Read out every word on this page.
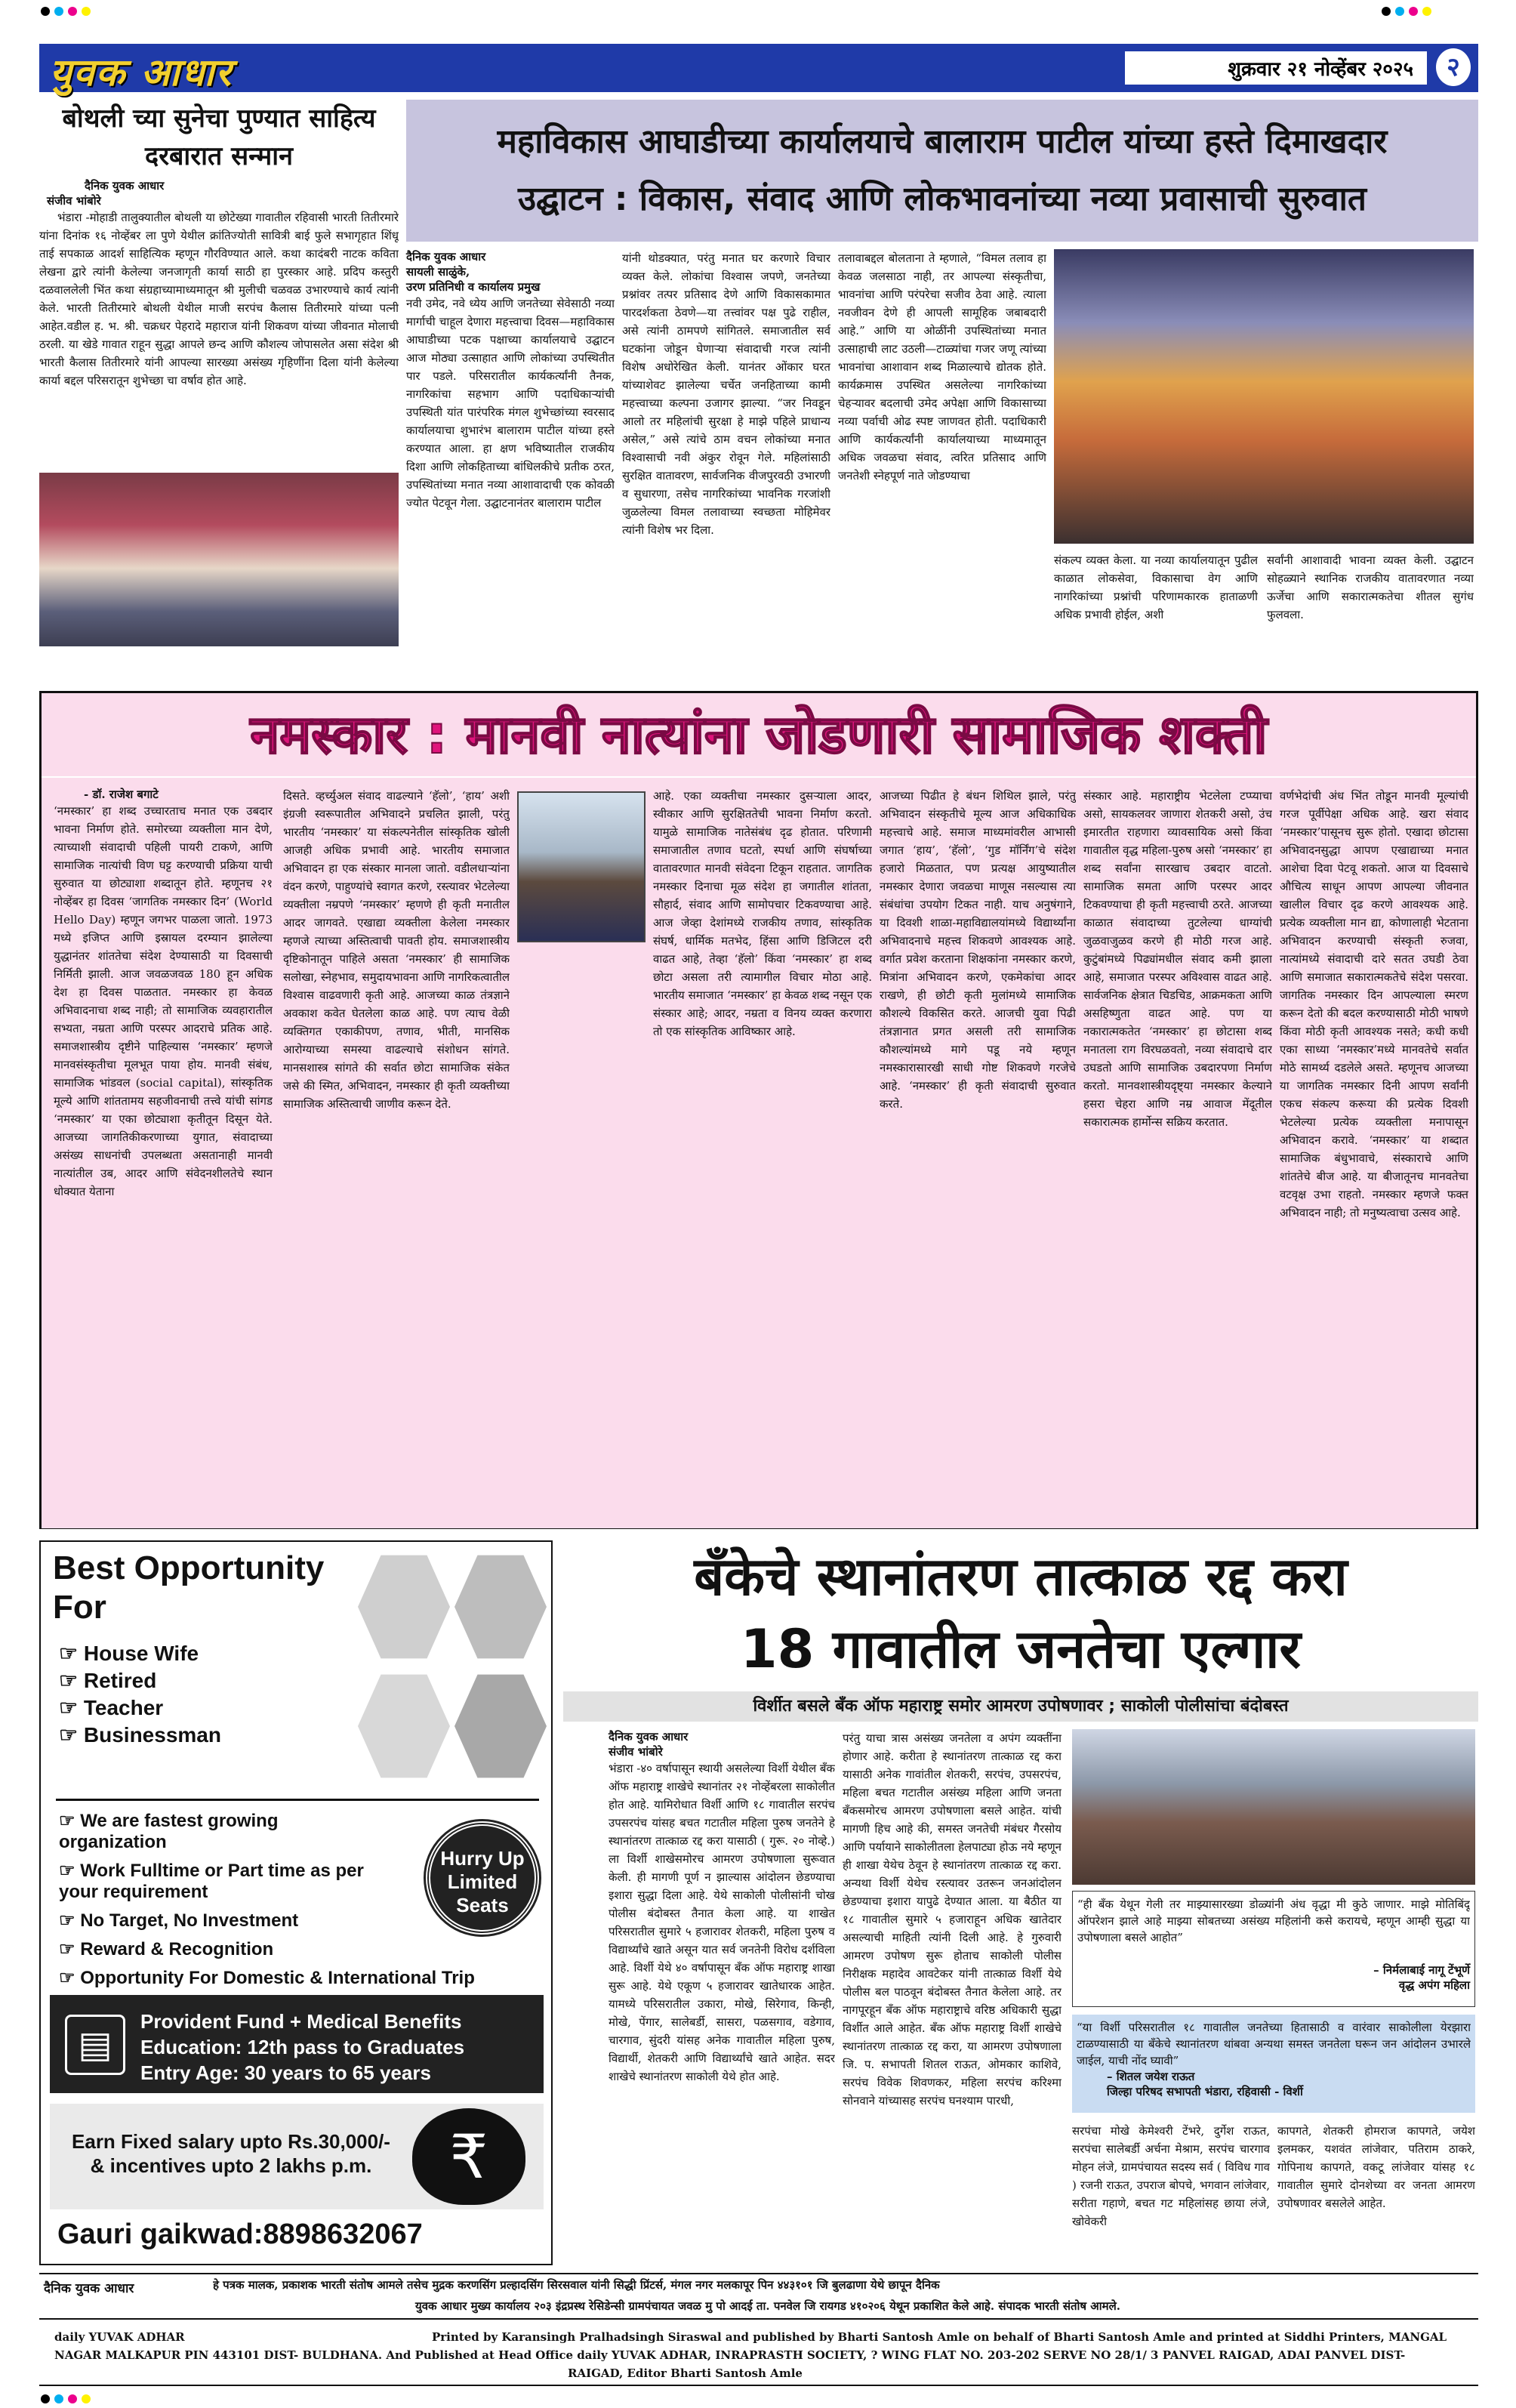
युवक आधार	शुक्रवार २१ नोव्हेंबर २०२५	२
बोथली च्या सुनेचा पुण्यात साहित्य दरबारात सन्मान
दैनिक युवक आधार
संजीव भांबोरे
भंडारा -मोहाडी तालुक्यातील बोथली या छोटेख्या गावातील रहिवासी भारती तितीरमारे यांना दिनांक १६ नोव्हेंबर ला पुणे येथील क्रांतिज्योती सावित्री बाई फुले सभागृहात शिंधू ताई सपकाळ आदर्श साहित्यिक म्हणून गौरविण्यात आले. कथा कादंबरी नाटक कविता लेखना द्वारे त्यांनी केलेल्या जनजागृती कार्या साठी हा पुरस्कार आहे. प्रदिप कस्तुरी दळवाललेली भिंत कथा संग्रहाच्यामाध्यमातून श्री मुलीची चळवळ उभारण्याचे कार्य त्यांनी केले. भारती तितीरमारे बोथली येथील माजी सरपंच कैलास तितीरमारे यांच्या पत्नी आहेत.वडील ह. भ. श्री. चक्रधर पेहरादे महाराज यांनी शिकवण यांच्या जीवनात मोलाची ठरली. या खेडे गावात राहून सुद्धा आपले छन्द आणि कौशल्य जोपासलेत असा संदेश श्री भारती कैलास तितीरमारे यांनी आपल्या सारख्या असंख्य गृहिणींना दिला यांनी केलेल्या कार्या बद्दल परिसरातून शुभेच्छा चा वर्षाव होत आहे.
महाविकास आघाडीच्या कार्यालयाचे बालाराम पाटील यांच्या हस्ते दिमाखदार
उद्घाटन : विकास, संवाद आणि लोकभावनांच्या नव्या प्रवासाची सुरुवात
दैनिक युवक आधार
सायली साळुंके,
उरण प्रतिनिधी व कार्यालय प्रमुख
नवी उमेद, नवे ध्येय आणि जनतेच्या सेवेसाठी नव्या मार्गाची चाहूल देणारा महत्त्वाचा दिवस—महाविकास आघाडीच्या पटक पक्षाच्या कार्यालयाचे उद्घाटन आज मोठ्या उत्साहात आणि लोकांच्या उपस्थितीत पार पडले. परिसरातील कार्यकर्त्यांनी तैनक, नागरिकांचा सहभाग आणि पदाधिकाऱ्यांची उपस्थिती यांत पारंपरिक मंगल शुभेच्छांच्या स्वरसाद कार्यालयाचा शुभारंभ बालाराम पाटील यांच्या हस्ते करण्यात आला. हा क्षण भविष्यातील राजकीय दिशा आणि लोकहिताच्या बांधिलकीचे प्रतीक ठरत, उपस्थितांच्या मनात नव्या आशावादाची एक कोवळी ज्योत पेटवून गेला. उद्घाटनानंतर बालाराम पाटील
यांनी थोडक्यात, परंतु मनात घर करणारे विचार व्यक्त केले. लोकांचा विश्वास जपणे, जनतेच्या प्रश्नांवर तत्पर प्रतिसाद देणे आणि विकासकामात पारदर्शकता ठेवणे—या तत्त्वांवर पक्ष पुढे राहील, असे त्यांनी ठामपणे सांगितले. समाजातील सर्व घटकांना जोडून घेणाऱ्या संवादाची गरज त्यांनी विशेष अधोरेखित केली. यानंतर ओंकार घरत यांच्याशेवट झालेल्या चर्चेत जनहिताच्या कामी महत्त्वाच्या कल्पना उजागर झाल्या. “जर निवडून आलो तर महिलांची सुरक्षा हे माझे पहिले प्राधान्य असेल,” असे त्यांचे ठाम वचन लोकांच्या मनात विश्वासाची नवी अंकुर रोवून गेले. महिलांसाठी सुरक्षित वातावरण, सार्वजनिक वीजपुरवठी उभारणी व सुधारणा, तसेच नागरिकांच्या भावनिक गरजांशी जुळलेल्या विमल तलावाच्या स्वच्छता मोहिमेवर त्यांनी विशेष भर दिला.
तलावाबद्दल बोलताना ते म्हणाले, “विमल तलाव हा केवळ जलसाठा नाही, तर आपल्या संस्कृतीचा, भावनांचा आणि परंपरेचा सजीव ठेवा आहे. त्याला नवजीवन देणे ही आपली सामूहिक जबाबदारी आहे.” आणि या ओळींनी उपस्थितांच्या मनात उत्साहाची लाट उठली—टाळ्यांचा गजर जणू त्यांच्या भावनांचा आशावान शब्द मिळाल्याचे द्योतक होते. कार्यक्रमास उपस्थित असलेल्या नागरिकांच्या चेहऱ्यावर बदलाची उमेद अपेक्षा आणि विकासाच्या नव्या पर्वाची ओढ स्पष्ट जाणवत होती. पदाधिकारी आणि कार्यकर्त्यांनी कार्यालयाच्या माध्यमातून अधिक जवळचा संवाद, त्वरित प्रतिसाद आणि जनतेशी स्नेहपूर्ण नाते जोडण्याचा
संकल्प व्यक्त केला. या नव्या कार्यालयातून पुढील काळात लोकसेवा, विकासाचा वेग आणि नागरिकांच्या प्रश्नांची परिणामकारक हाताळणी अधिक प्रभावी होईल, अशी
सर्वांनी आशावादी भावना व्यक्त केली. उद्घाटन सोहळ्याने स्थानिक राजकीय वातावरणात नव्या ऊर्जेचा आणि सकारात्मकतेचा शीतल सुगंध फुलवला.
नमस्कार : मानवी नात्यांना जोडणारी सामाजिक शक्ती
- डॉ. राजेश बगाटे
‘नमस्कार’ हा शब्द उच्चारताच मनात एक उबदार भावना निर्माण होते. समोरच्या व्यक्तीला मान देणे, त्याच्याशी संवादाची पहिली पायरी टाकणे, आणि सामाजिक नात्यांची विण घट्ट करण्याची प्रक्रिया याची सुरुवात या छोट्याशा शब्दातून होते. म्हणूनच २१ नोव्हेंबर हा दिवस ‘जागतिक नमस्कार दिन’ (World Hello Day) म्हणून जगभर पाळला जातो. 1973 मध्ये इजिप्त आणि इस्रायल दरम्यान झालेल्या युद्धानंतर शांततेचा संदेश देण्यासाठी या दिवसाची निर्मिती झाली. आज जवळजवळ 180 हून अधिक देश हा दिवस पाळतात. नमस्कार हा केवळ अभिवादनाचा शब्द नाही; तो सामाजिक व्यवहारातील सभ्यता, नम्रता आणि परस्पर आदराचे प्रतिक आहे. समाजशास्त्रीय दृष्टीने पाहिल्यास ‘नमस्कार’ म्हणजे मानवसंस्कृतीचा मूलभूत पाया होय. मानवी संबंध, सामाजिक भांडवल (social capital), सांस्कृतिक मूल्ये आणि शांततामय सहजीवनाची तत्त्वे यांची सांगड ‘नमस्कार’ या एका छोट्याशा कृतीतून दिसून येते. आजच्या जागतिकीकरणाच्या युगात, संवादाच्या असंख्य साधनांची उपलब्धता असतानाही मानवी नात्यांतील उब, आदर आणि संवेदनशीलतेचे स्थान धोक्यात येताना
दिसते. व्हर्च्युअल संवाद वाढल्याने ‘हॅलो’, ‘हाय’ अशी इंग्रजी स्वरूपातील अभिवादने प्रचलित झाली, परंतु भारतीय ‘नमस्कार’ या संकल्पनेतील सांस्कृतिक खोली आजही अधिक प्रभावी आहे. भारतीय समाजात अभिवादन हा एक संस्कार मानला जातो. वडीलधाऱ्यांना वंदन करणे, पाहुण्यांचे स्वागत करणे, रस्त्यावर भेटलेल्या व्यक्तीला नम्रपणे ‘नमस्कार’ म्हणणे ही कृती मनातील आदर जागवते. एखाद्या व्यक्तीला केलेला नमस्कार म्हणजे त्याच्या अस्तित्वाची पावती होय. समाजशास्त्रीय दृष्टिकोनातून पाहिले असता ‘नमस्कार’ ही सामाजिक सलोखा, स्नेहभाव, समुदायभावना आणि नागरिकत्वातील विश्वास वाढवणारी कृती आहे. आजच्या काळ तंत्रज्ञाने अवकाश कवेत घेतलेला काळ आहे. पण त्याच वेळी व्यक्तिगत एकाकीपण, तणाव, भीती, मानसिक आरोग्याच्या समस्या वाढल्याचे संशोधन सांगते. मानसशास्त्र सांगते की सर्वात छोटा सामाजिक संकेत जसे की स्मित, अभिवादन, नमस्कार ही कृती व्यक्तीच्या सामाजिक अस्तित्वाची जाणीव करून देते.
आहे. एका व्यक्तीचा नमस्कार दुसऱ्याला आदर, स्वीकार आणि सुरक्षिततेची भावना निर्माण करतो. यामुळे सामाजिक नातेसंबंध दृढ होतात. परिणामी समाजातील तणाव घटतो, स्पर्धा आणि संघर्षाच्या वातावरणात मानवी संवेदना टिकून राहतात. जागतिक नमस्कार दिनाचा मूळ संदेश हा जगातील शांतता, सौहार्द, संवाद आणि सामोपचार टिकवण्याचा आहे. आज जेव्हा देशांमध्ये राजकीय तणाव, सांस्कृतिक संघर्ष, धार्मिक मतभेद, हिंसा आणि डिजिटल दरी वाढत आहे, तेव्हा ‘हॅलो’ किंवा ‘नमस्कार’ हा शब्द छोटा असला तरी त्यामागील विचार मोठा आहे. भारतीय समाजात ‘नमस्कार’ हा केवळ शब्द नसून एक संस्कार आहे; आदर, नम्रता व विनय व्यक्त करणारा तो एक सांस्कृतिक आविष्कार आहे.
आजच्या पिढीत हे बंधन शिथिल झाले, परंतु अभिवादन संस्कृतीचे मूल्य आज अधिकाधिक महत्त्वाचे आहे. समाज माध्यमांवरील आभासी जगात ‘हाय’, ‘हॅलो’, ‘गुड मॉर्निंग’चे संदेश हजारो मिळतात, पण प्रत्यक्ष आयुष्यातील नमस्कार देणारा जवळचा माणूस नसल्यास त्या संबंधांचा उपयोग टिकत नाही. याच अनुषंगाने, या दिवशी शाळा-महाविद्यालयांमध्ये विद्यार्थ्यांना अभिवादनाचे महत्त्व शिकवणे आवश्यक आहे. वर्गात प्रवेश करताना शिक्षकांना नमस्कार करणे, मित्रांना अभिवादन करणे, एकमेकांचा आदर राखणे, ही छोटी कृती मुलांमध्ये सामाजिक कौशल्ये विकसित करते. आजची युवा पिढी तंत्रज्ञानात प्रगत असली तरी सामाजिक कौशल्यांमध्ये मागे पडू नये म्हणून नमस्कारासारखी साधी गोष्ट शिकवणे गरजेचे आहे. ‘नमस्कार’ ही कृती संवादाची सुरुवात करते.
संस्कार आहे. महाराष्ट्रीय भेटलेला टप्प्याचा असो, सायकलवर जाणारा शेतकरी असो, उंच इमारतीत राहणारा व्यावसायिक असो किंवा गावातील वृद्ध महिला-पुरुष असो ‘नमस्कार’ हा शब्द सर्वांना सारखाच उबदार वाटतो. सामाजिक समता आणि परस्पर आदर टिकवण्याचा ही कृती महत्त्वाची ठरते. आजच्या काळात संवादाच्या तुटलेल्या धाग्यांची जुळवाजुळव करणे ही मोठी गरज आहे. कुटुंबांमध्ये पिढ्यांमधील संवाद कमी झाला आहे, समाजात परस्पर अविश्वास वाढत आहे. सार्वजनिक क्षेत्रात चिडचिड, आक्रमकता आणि असहिष्णुता वाढत आहे. पण या नकारात्मकतेत ‘नमस्कार’ हा छोटासा शब्द मनातला राग विरघळवतो, नव्या संवादाचे दार उघडतो आणि सामाजिक उबदारपणा निर्माण करतो. मानवशास्त्रीयदृष्ट्या नमस्कार केल्याने हसरा चेहरा आणि नम्र आवाज मेंदूतील सकारात्मक हार्मोन्स सक्रिय करतात.
वर्णभेदांची अंध भिंत तोडून मानवी मूल्यांची गरज पूर्वीपेक्षा अधिक आहे. खरा संवाद ‘नमस्कार’पासूनच सुरू होतो. एखादा छोटासा अभिवादनसुद्धा आपण एखाद्याच्या मनात आशेचा दिवा पेटवू शकतो. आज या दिवसाचे औचित्य साधून आपण आपल्या जीवनात खालील विचार दृढ करणे आवश्यक आहे. प्रत्येक व्यक्तीला मान द्या, कोणालाही भेटताना अभिवादन करण्याची संस्कृती रुजवा, नात्यांमध्ये संवादाची दारे सतत उघडी ठेवा आणि समाजात सकारात्मकतेचे संदेश पसरवा. जागतिक नमस्कार दिन आपल्याला स्मरण करून देतो की बदल करण्यासाठी मोठी भाषणे किंवा मोठी कृती आवश्यक नसते; कधी कधी एका साध्या ‘नमस्कार’मध्ये मानवतेचे सर्वात मोठे सामर्थ्य दडलेले असते. म्हणूनच आजच्या या जागतिक नमस्कार दिनी आपण सर्वांनी एकच संकल्प करूया की प्रत्येक दिवशी भेटलेल्या प्रत्येक व्यक्तीला मनापासून अभिवादन करावे. ‘नमस्कार’ या शब्दात सामाजिक बंधुभावाचे, संस्काराचे आणि शांततेचे बीज आहे. या बीजातूनच मानवतेचा वटवृक्ष उभा राहतो. नमस्कार म्हणजे फक्त अभिवादन नाही; तो मनुष्यत्वाचा उत्सव आहे.
Best Opportunity
For
☞ House Wife
☞ Retired
☞ Teacher
☞ Businessman
☞ We are fastest growing organization
☞ Work Fulltime or Part time as per your requirement
☞ No Target, No Investment
☞ Reward & Recognition
☞ Opportunity For Domestic & International Trip
Hurry Up
Limited
Seats
▤
Provident Fund + Medical Benefits
Education: 12th pass to Graduates
Entry Age: 30 years to 65 years
Earn Fixed salary upto Rs.30,000/-
& incentives upto 2 lakhs p.m.	₹
Gauri gaikwad:8898632067
बँकेचे स्थानांतरण तात्काळ रद्द करा
18 गावातील जनतेचा एल्गार
विर्शीत बसले बँक ऑफ महाराष्ट्र समोर आमरण उपोषणावर ; साकोली पोलीसांचा बंदोबस्त
दैनिक युवक आधार
संजीव भांबोरे
भंडारा -४० वर्षापासून स्थायी असलेल्या विर्शी येथील बँक ऑफ महाराष्ट्र शाखेचे स्थानांतर २१ नोव्हेंबरला साकोलीत होत आहे. यामिरोधात विर्शी आणि १८ गावातील सरपंच उपसरपंच यांसह बचत गटातील महिला पुरुष जनतेने हे स्थानांतरण तात्काळ रद्द करा यासाठी ( गुरू. २० नोव्हे.) ला विर्शी शाखेसमोरच आमरण उपोषणाला सुरूवात केली. ही मागणी पूर्ण न झाल्यास आंदोलन छेडण्याचा इशारा सुद्धा दिला आहे. येथे साकोली पोलीसांनी चोख पोलीस बंदोबस्त तैनात केला आहे. या शाखेत परिसरातील सुमारे ५ हजारावर शेतकरी, महिला पुरुष व विद्यार्थ्यांचे खाते असून यात सर्व जनतेनी विरोध दर्शविला आहे. विर्शी येथे ४० वर्षापासून बँक ऑफ महाराष्ट्र शाखा सुरू आहे. येथे एकूण ५ हजारावर खातेधारक आहेत. यामध्ये परिसरातील उकारा, मोखे, सिरेगाव, किन्ही, मोखे, पेंगार, सालेबर्डी, सासरा, पळसगाव, वडेगाव, चारगाव, सुंदरी यांसह अनेक गावातील महिला पुरुष, विद्यार्थी, शेतकरी आणि विद्यार्थ्यांचे खाते आहेत. सदर शाखेचे स्थानांतरण साकोली येथे होत आहे.
परंतु याचा त्रास असंख्य जनतेला व अपंग व्यक्तींना होणार आहे. करीता हे स्थानांतरण तात्काळ रद्द करा यासाठी अनेक गावांतील शेतकरी, सरपंच, उपसरपंच, महिला बचत गटातील असंख्य महिला आणि जनता बँकसमोरच आमरण उपोषणाला बसले आहेत. यांची मागणी हिच आहे की, समस्त जनतेची मंबंधर गैरसोय आणि पर्यायाने साकोलीतला हेलपाट्या होऊ नये म्हणून ही शाखा येथेच ठेवून हे स्थानांतरण तात्काळ रद्द करा. अन्यथा विर्शी येथेच रस्त्यावर उतरून जनआंदोलन छेडण्याचा इशारा यापुढे देण्यात आला. या बैठीत या १८ गावातील सुमारे ५ हजाराहून अधिक खातेदार असल्याची माहिती त्यांनी दिली आहे. हे गुरुवारी आमरण उपोषण सुरू होताच साकोली पोलीस निरीक्षक महादेव आवटेकर यांनी तात्काळ विर्शी येथे पोलीस बल पाठवून बंदोबस्त तैनात केलेला आहे. तर नागपूरहून बँक ऑफ महाराष्ट्राचे वरिष्ठ अधिकारी सुद्धा विर्शीत आले आहेत. बँक ऑफ महाराष्ट्र विर्शी शाखेचे स्थानांतरण तात्काळ रद्द करा, या आमरण उपोषणाला जि. प. सभापती शितल राऊत, ओमकार काशिवे, सरपंच विवेक शिवणकर, महिला सरपंच करिश्मा सोनवाने यांच्यासह सरपंच घनश्याम पारधी,
“ही बँक येथून गेली तर माझ्यासारख्या डोळ्यांनी अंध वृद्धा मी कुठे जाणार. माझे मोतिबिंदू ऑपरेशन झाले आहे माझ्या सोबतच्या असंख्य महिलांनी कसे करायचे, म्हणून आम्ही सुद्धा या उपोषणाला बसले आहोत”
– निर्मलाबाई नागू टेंभूर्णे
वृद्ध अपंग महिला
“या विर्शी परिसरातील १८ गावातील जनतेच्या हितासाठी व वारंवार साकोलीला येरझारा टाळण्यासाठी या बँकेचे स्थानांतरण थांबवा अन्यथा समस्त जनतेला घरून जन आंदोलन उभारले जाईल, याची नोंद घ्यावी”
– शितल जयेश राऊत
जिल्हा परिषद सभापती भंडारा, रहिवासी - विर्शी
सरपंचा मोखे केमेश्वरी टेंभरे, दुर्गेश राऊत, सरपंचा सालेबर्डी अर्चना मेश्राम, सरपंच चारगाव मोहन लंजे, ग्रामपंचायत सदस्य सर्व ( विविध गाव ) रजनी राऊत, उपराज बोपचे, भगवान लांजेवार, सरीता गहाणे, बचत गट महिलांसह छाया लंजे, खोवेकरी
कापगते, शेतकरी होमराज कापगते, जयेश इलमकर, यशवंत लांजेवार, पतिराम ठाकरे, गोपिनाथ कापगते, वकटू लांजेवार यांसह १८ गावातील सुमारे दोनशेच्या वर जनता आमरण उपोषणावर बसलेले आहेत.
दैनिक युवक आधार	हे पत्रक मालक, प्रकाशक भारती संतोष आमले तसेच मुद्रक करणसिंग प्रल्हादसिंग सिरसवाल यांनी सिद्धी प्रिंटर्स, मंगल नगर मलकापूर पिन ४४३१०१ जि बुलढाणा येथे छापून दैनिक
युवक आधार मुख्य कार्यालय २०३ इंद्रप्रस्थ रेसिडेन्सी ग्रामपंचायत जवळ मु पो आदई ता. पनवेल जि रायगड ४१०२०६ येथून प्रकाशित केले आहे. संपादक भारती संतोष आमले.
daily YUVAK ADHAR	Printed by Karansingh Pralhadsingh Siraswal and published by Bharti Santosh Amle on behalf of Bharti Santosh Amle and printed at Siddhi Printers, MANGAL
NAGAR MALKAPUR PIN 443101 DIST- BULDHANA. And Published at Head Office daily YUVAK ADHAR, INRAPRASTH SOCIETY, ? WING FLAT NO. 203-202 SERVE NO 28/1/ 3 PANVEL RAIGAD, ADAI PANVEL DIST-
RAIGAD, Editor Bharti Santosh Amle
